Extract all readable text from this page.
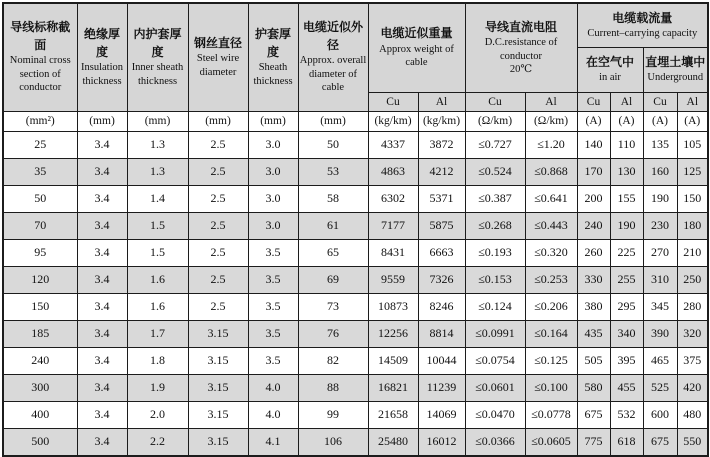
导线标称截面
Nominal cross section of conductor

绝缘厚度
Insulation thickness

内护套厚度
Inner sheath thickness

钢丝直径
Steel wire diameter

护套厚度
Sheath thickness

电缆近似外径
Approx. overall diameter of cable

电缆近似重量
Approx weight of cable

导线直流电阻
D.C.resistance of conductor
20℃

电缆载流量
Current–carrying capacity

在空气中
in air

直埋土壤中
Underground

						Cu	Al	Cu	Al	Cu	Al	Cu	Al
(mm²)	(mm)	(mm)	(mm)	(mm)	(mm)	(kg/km)	(kg/km)	(Ω/km)	(Ω/km)	(A)	(A)	(A)	(A)
25	3.4	1.3	2.5	3.0	50	4337	3872	≤0.727	≤1.20	140	110	135	105
35	3.4	1.3	2.5	3.0	53	4863	4212	≤0.524	≤0.868	170	130	160	125
50	3.4	1.4	2.5	3.0	58	6302	5371	≤0.387	≤0.641	200	155	190	150
70	3.4	1.5	2.5	3.0	61	7177	5875	≤0.268	≤0.443	240	190	230	180
95	3.4	1.5	2.5	3.5	65	8431	6663	≤0.193	≤0.320	260	225	270	210
120	3.4	1.6	2.5	3.5	69	9559	7326	≤0.153	≤0.253	330	255	310	250
150	3.4	1.6	2.5	3.5	73	10873	8246	≤0.124	≤0.206	380	295	345	280
185	3.4	1.7	3.15	3.5	76	12256	8814	≤0.0991	≤0.164	435	340	390	320
240	3.4	1.8	3.15	3.5	82	14509	10044	≤0.0754	≤0.125	505	395	465	375
300	3.4	1.9	3.15	4.0	88	16821	11239	≤0.0601	≤0.100	580	455	525	420
400	3.4	2.0	3.15	4.0	99	21658	14069	≤0.0470	≤0.0778	675	532	600	480
500	3.4	2.2	3.15	4.1	106	25480	16012	≤0.0366	≤0.0605	775	618	675	550
